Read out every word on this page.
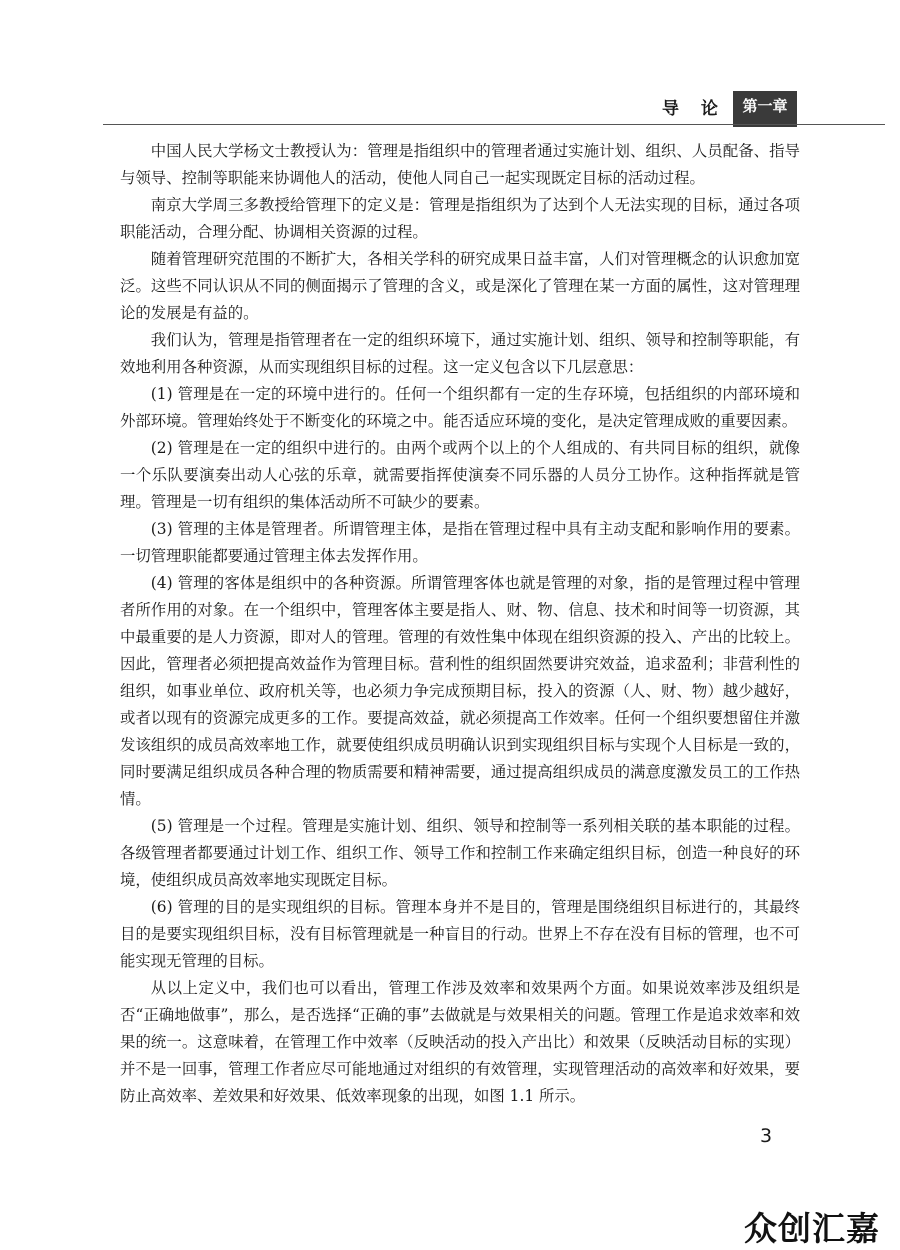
导 论	第一章

中国人民大学杨文士教授认为：管理是指组织中的管理者通过实施计划、组织、人员配备、指导与领导、控制等职能来协调他人的活动，使他人同自己一起实现既定目标的活动过程。

南京大学周三多教授给管理下的定义是：管理是指组织为了达到个人无法实现的目标，通过各项职能活动，合理分配、协调相关资源的过程。

随着管理研究范围的不断扩大，各相关学科的研究成果日益丰富，人们对管理概念的认识愈加宽泛。这些不同认识从不同的侧面揭示了管理的含义，或是深化了管理在某一方面的属性，这对管理理论的发展是有益的。

我们认为，管理是指管理者在一定的组织环境下，通过实施计划、组织、领导和控制等职能，有效地利用各种资源，从而实现组织目标的过程。这一定义包含以下几层意思：

(1) 管理是在一定的环境中进行的。任何一个组织都有一定的生存环境，包括组织的内部环境和外部环境。管理始终处于不断变化的环境之中。能否适应环境的变化，是决定管理成败的重要因素。

(2) 管理是在一定的组织中进行的。由两个或两个以上的个人组成的、有共同目标的组织，就像一个乐队要演奏出动人心弦的乐章，就需要指挥使演奏不同乐器的人员分工协作。这种指挥就是管理。管理是一切有组织的集体活动所不可缺少的要素。

(3) 管理的主体是管理者。所谓管理主体，是指在管理过程中具有主动支配和影响作用的要素。一切管理职能都要通过管理主体去发挥作用。

(4) 管理的客体是组织中的各种资源。所谓管理客体也就是管理的对象，指的是管理过程中管理者所作用的对象。在一个组织中，管理客体主要是指人、财、物、信息、技术和时间等一切资源，其中最重要的是人力资源，即对人的管理。管理的有效性集中体现在组织资源的投入、产出的比较上。因此，管理者必须把提高效益作为管理目标。营利性的组织固然要讲究效益，追求盈利；非营利性的组织，如事业单位、政府机关等，也必须力争完成预期目标，投入的资源（人、财、物）越少越好，或者以现有的资源完成更多的工作。要提高效益，就必须提高工作效率。任何一个组织要想留住并激发该组织的成员高效率地工作，就要使组织成员明确认识到实现组织目标与实现个人目标是一致的，同时要满足组织成员各种合理的物质需要和精神需要，通过提高组织成员的满意度激发员工的工作热情。

(5) 管理是一个过程。管理是实施计划、组织、领导和控制等一系列相关联的基本职能的过程。各级管理者都要通过计划工作、组织工作、领导工作和控制工作来确定组织目标，创造一种良好的环境，使组织成员高效率地实现既定目标。

(6) 管理的目的是实现组织的目标。管理本身并不是目的，管理是围绕组织目标进行的，其最终目的是要实现组织目标，没有目标管理就是一种盲目的行动。世界上不存在没有目标的管理，也不可能实现无管理的目标。

从以上定义中，我们也可以看出，管理工作涉及效率和效果两个方面。如果说效率涉及组织是否“正确地做事”，那么，是否选择“正确的事”去做就是与效果相关的问题。管理工作是追求效率和效果的统一。这意味着，在管理工作中效率（反映活动的投入产出比）和效果（反映活动目标的实现）并不是一回事，管理工作者应尽可能地通过对组织的有效管理，实现管理活动的高效率和好效果，要防止高效率、差效果和好效果、低效率现象的出现，如图 1.1 所示。

3
众创汇嘉
